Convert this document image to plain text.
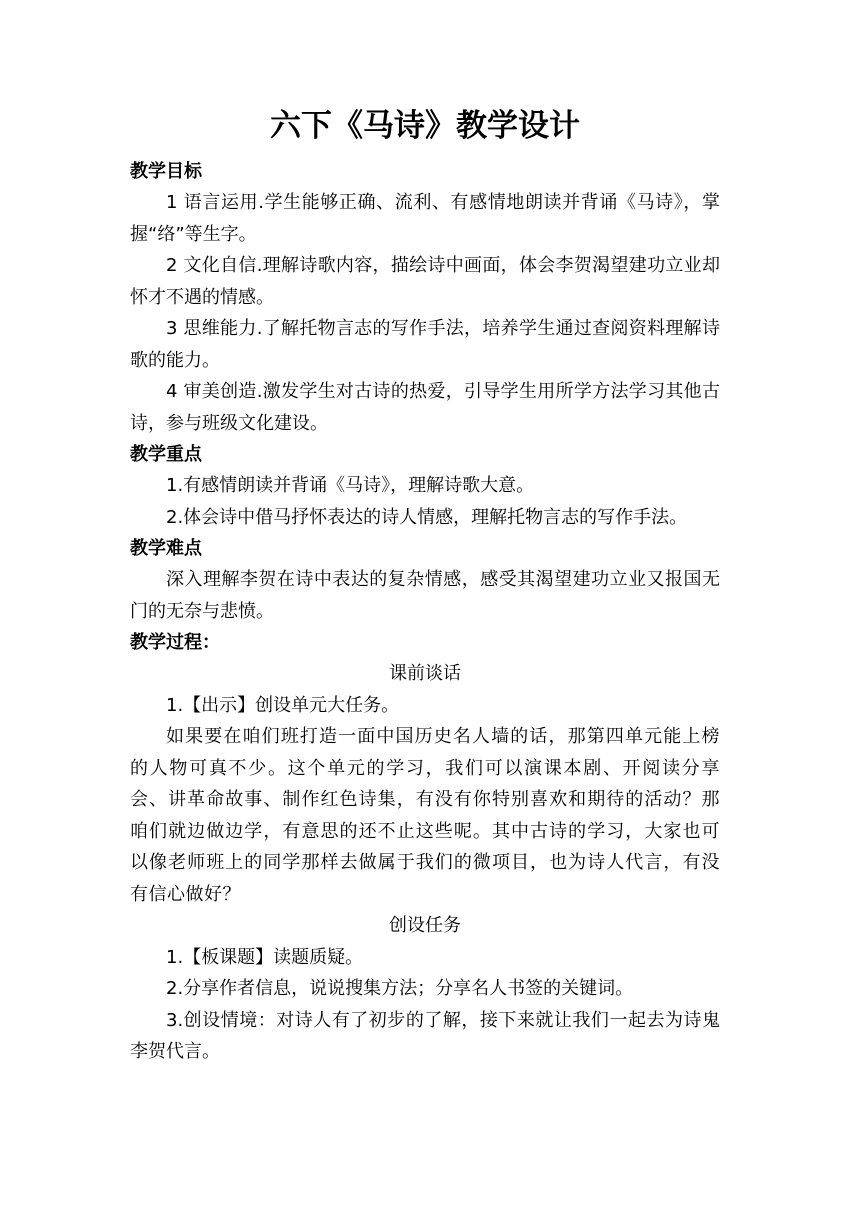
六下《马诗》教学设计
教学目标

1 语言运用.学生能够正确、流利、有感情地朗读并背诵《马诗》，掌握“络”等生字。

2 文化自信.理解诗歌内容，描绘诗中画面，体会李贺渴望建功立业却怀才不遇的情感。

3 思维能力.了解托物言志的写作手法，培养学生通过查阅资料理解诗歌的能力。

4 审美创造.激发学生对古诗的热爱，引导学生用所学方法学习其他古诗，参与班级文化建设。

教学重点

1.有感情朗读并背诵《马诗》，理解诗歌大意。

2.体会诗中借马抒怀表达的诗人情感，理解托物言志的写作手法。

教学难点

深入理解李贺在诗中表达的复杂情感，感受其渴望建功立业又报国无门的无奈与悲愤。

教学过程：

课前谈话

1.【出示】创设单元大任务。

如果要在咱们班打造一面中国历史名人墙的话，那第四单元能上榜的人物可真不少。这个单元的学习，我们可以演课本剧、开阅读分享会、讲革命故事、制作红色诗集，有没有你特别喜欢和期待的活动？那咱们就边做边学，有意思的还不止这些呢。其中古诗的学习，大家也可以像老师班上的同学那样去做属于我们的微项目，也为诗人代言，有没有信心做好？

创设任务

1.【板课题】读题质疑。

2.分享作者信息，说说搜集方法；分享名人书签的关键词。

3.创设情境：对诗人有了初步的了解，接下来就让我们一起去为诗鬼李贺代言。
